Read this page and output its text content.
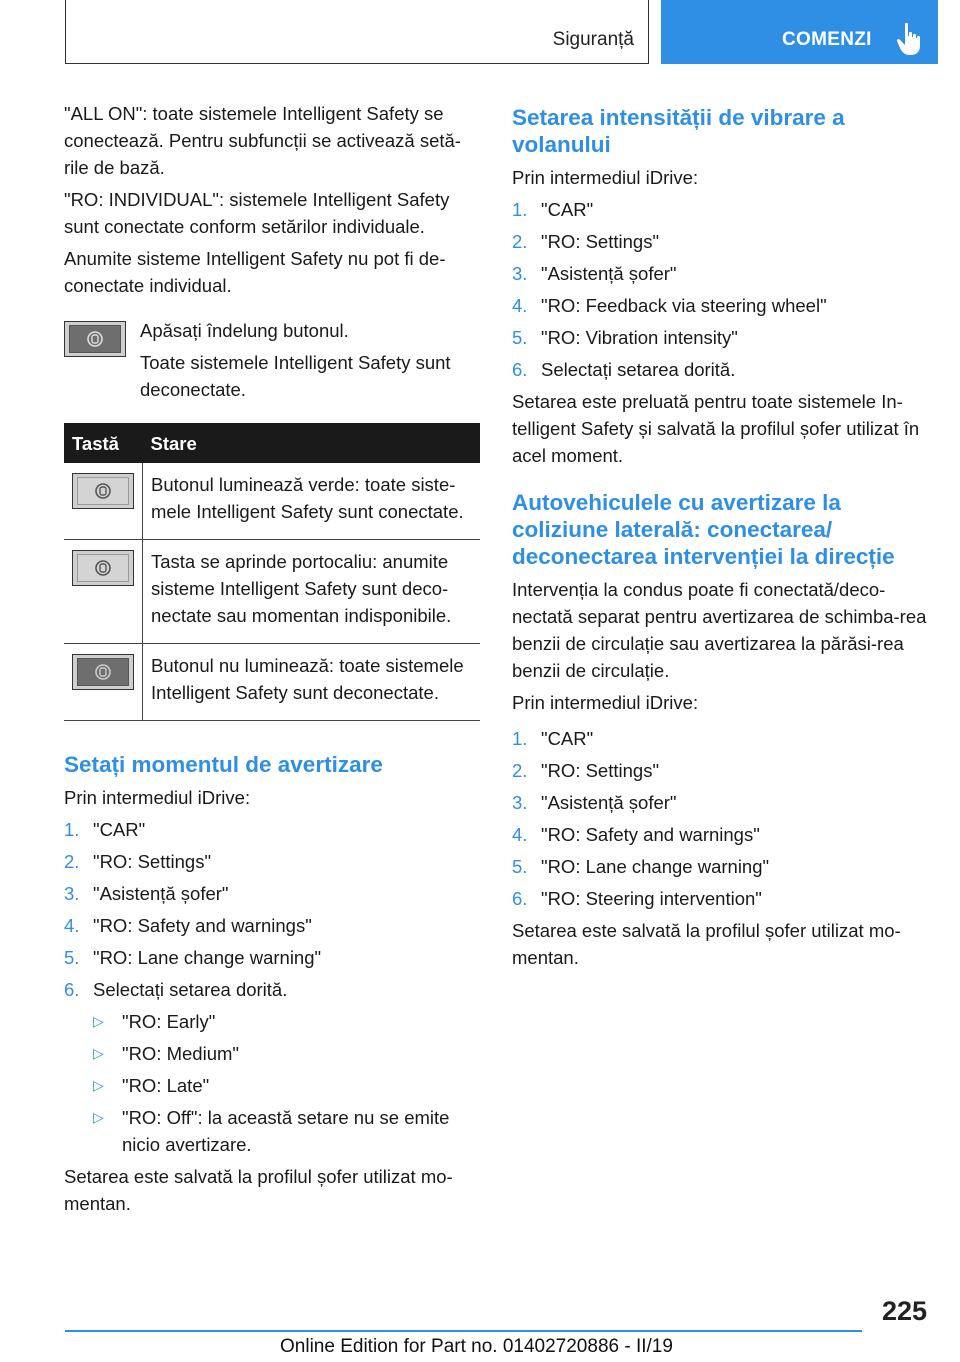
Siguranță	COMENZI

"ALL ON": toate sistemele Intelligent Safety se conectează. Pentru subfuncții se activează setă-rile de bază.

"RO: INDIVIDUAL": sistemele Intelligent Safety sunt conectate conform setărilor individuale.

Anumite sisteme Intelligent Safety nu pot fi de-conectate individual.

Apăsați îndelung butonul.

Toate sistemele Intelligent Safety sunt deconectate.

Tastă	Stare

	Butonul luminează verde: toate siste-mele Intelligent Safety sunt conectate.

	Tasta se aprinde portocaliu: anumite sisteme Intelligent Safety sunt deco-nectate sau momentan indisponibile.

	Butonul nu luminează: toate sistemele Intelligent Safety sunt deconectate.
Setați momentul de avertizare

Prin intermediul iDrive:

1. "CAR"
2. "RO: Settings"
3. "Asistență șofer"
4. "RO: Safety and warnings"
5. "RO: Lane change warning"
6. Selectați setarea dorită.
▷ "RO: Early"
▷ "RO: Medium"
▷ "RO: Late"
▷ "RO: Off": la această setare nu se emite nicio avertizare.

Setarea este salvată la profilul șofer utilizat mo-mentan.

Setarea intensității de vibrare a volanului

Prin intermediul iDrive:

1. "CAR"
2. "RO: Settings"
3. "Asistență șofer"
4. "RO: Feedback via steering wheel"
5. "RO: Vibration intensity"
6. Selectați setarea dorită.

Setarea este preluată pentru toate sistemele In-telligent Safety și salvată la profilul șofer utilizat în acel moment.

Autovehiculele cu avertizare la coliziune laterală: conectarea/ deconectarea intervenției la direcție

Intervenția la condus poate fi conectată/deco-nectată separat pentru avertizarea de schimba-rea benzii de circulație sau avertizarea la părăsi-rea benzii de circulație.

Prin intermediul iDrive:

1. "CAR"
2. "RO: Settings"
3. "Asistență șofer"
4. "RO: Safety and warnings"
5. "RO: Lane change warning"
6. "RO: Steering intervention"

Setarea este salvată la profilul șofer utilizat mo-mentan.

225
Online Edition for Part no. 01402720886 - II/19
